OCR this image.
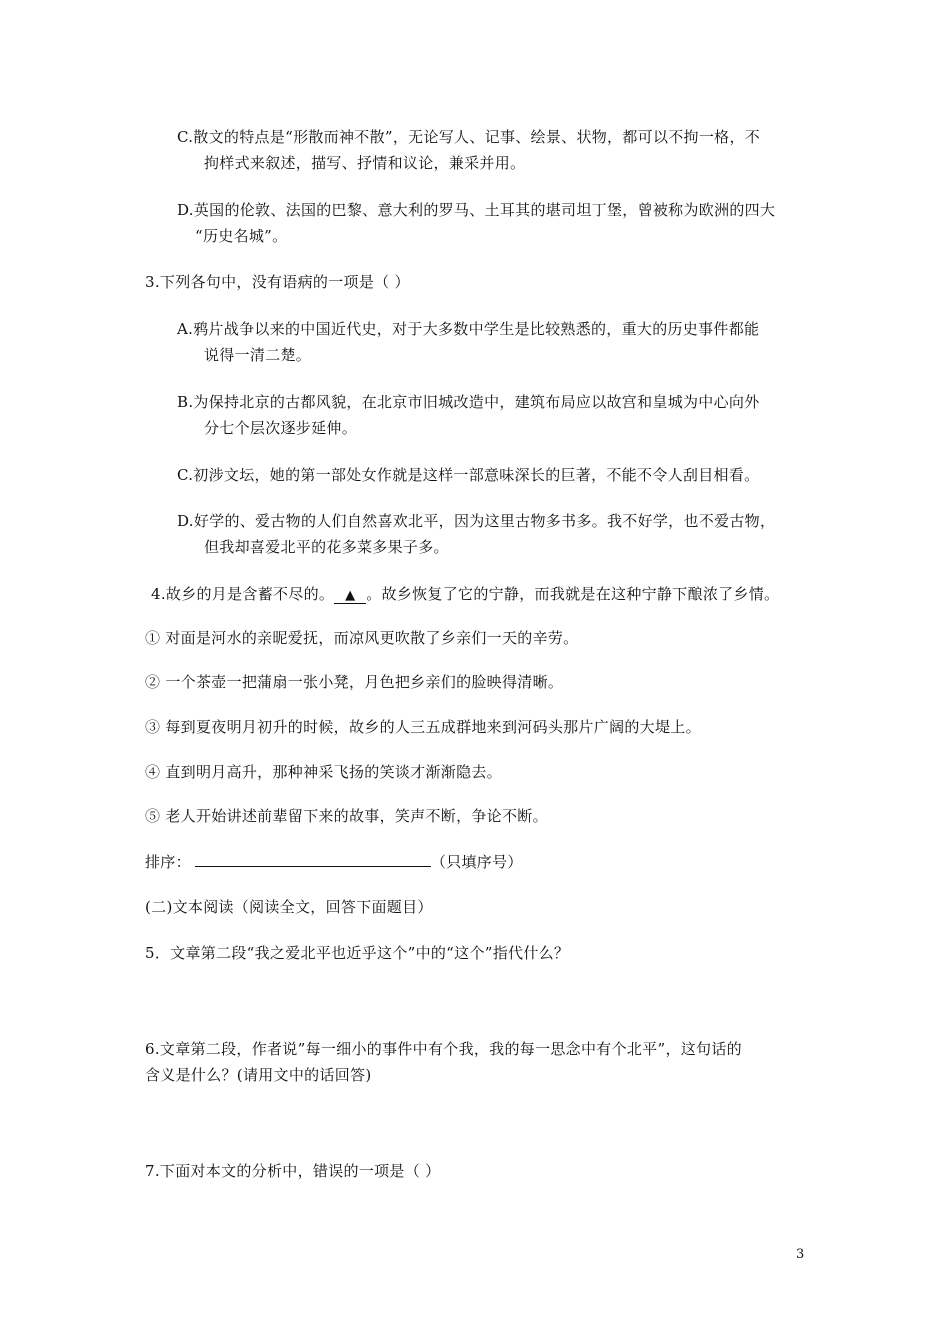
C.散文的特点是“形散而神不散”，无论写人、记事、绘景、状物，都可以不拘一格，不
拘样式来叙述，描写、抒情和议论，兼采并用。
D.英国的伦敦、法国的巴黎、意大利的罗马、土耳其的堪司坦丁堡，曾被称为欧洲的四大
“历史名城”。
3.下列各句中，没有语病的一项是（ ）
A.鸦片战争以来的中国近代史，对于大多数中学生是比较熟悉的，重大的历史事件都能
说得一清二楚。
B.为保持北京的古都风貌，在北京市旧城改造中，建筑布局应以故宫和皇城为中心向外
分七个层次逐步延伸。
C.初涉文坛，她的第一部处女作就是这样一部意味深长的巨著，不能不令人刮目相看。
D.好学的、爱古物的人们自然喜欢北平，因为这里古物多书多。我不好学，也不爱古物，
但我却喜爱北平的花多菜多果子多。
4.故乡的月是含蓄不尽的。 ▲ 。故乡恢复了它的宁静，而我就是在这种宁静下酿浓了乡情。
① 对面是河水的亲昵爱抚，而凉风更吹散了乡亲们一天的辛劳。
② 一个茶壶一把蒲扇一张小凳，月色把乡亲们的脸映得清晰。
③ 每到夏夜明月初升的时候，故乡的人三五成群地来到河码头那片广阔的大堤上。
④ 直到明月高升，那种神采飞扬的笑谈才渐渐隐去。
⑤ 老人开始讲述前辈留下来的故事，笑声不断，争论不断。
排序：	（只填序号）
(二)文本阅读（阅读全文，回答下面题目）
5．文章第二段“我之爱北平也近乎这个”中的“这个”指代什么？
6.文章第二段，作者说”每一细小的事件中有个我，我的每一思念中有个北平”，这句话的
含义是什么？(请用文中的话回答)
7.下面对本文的分析中，错误的一项是（ ）
3
